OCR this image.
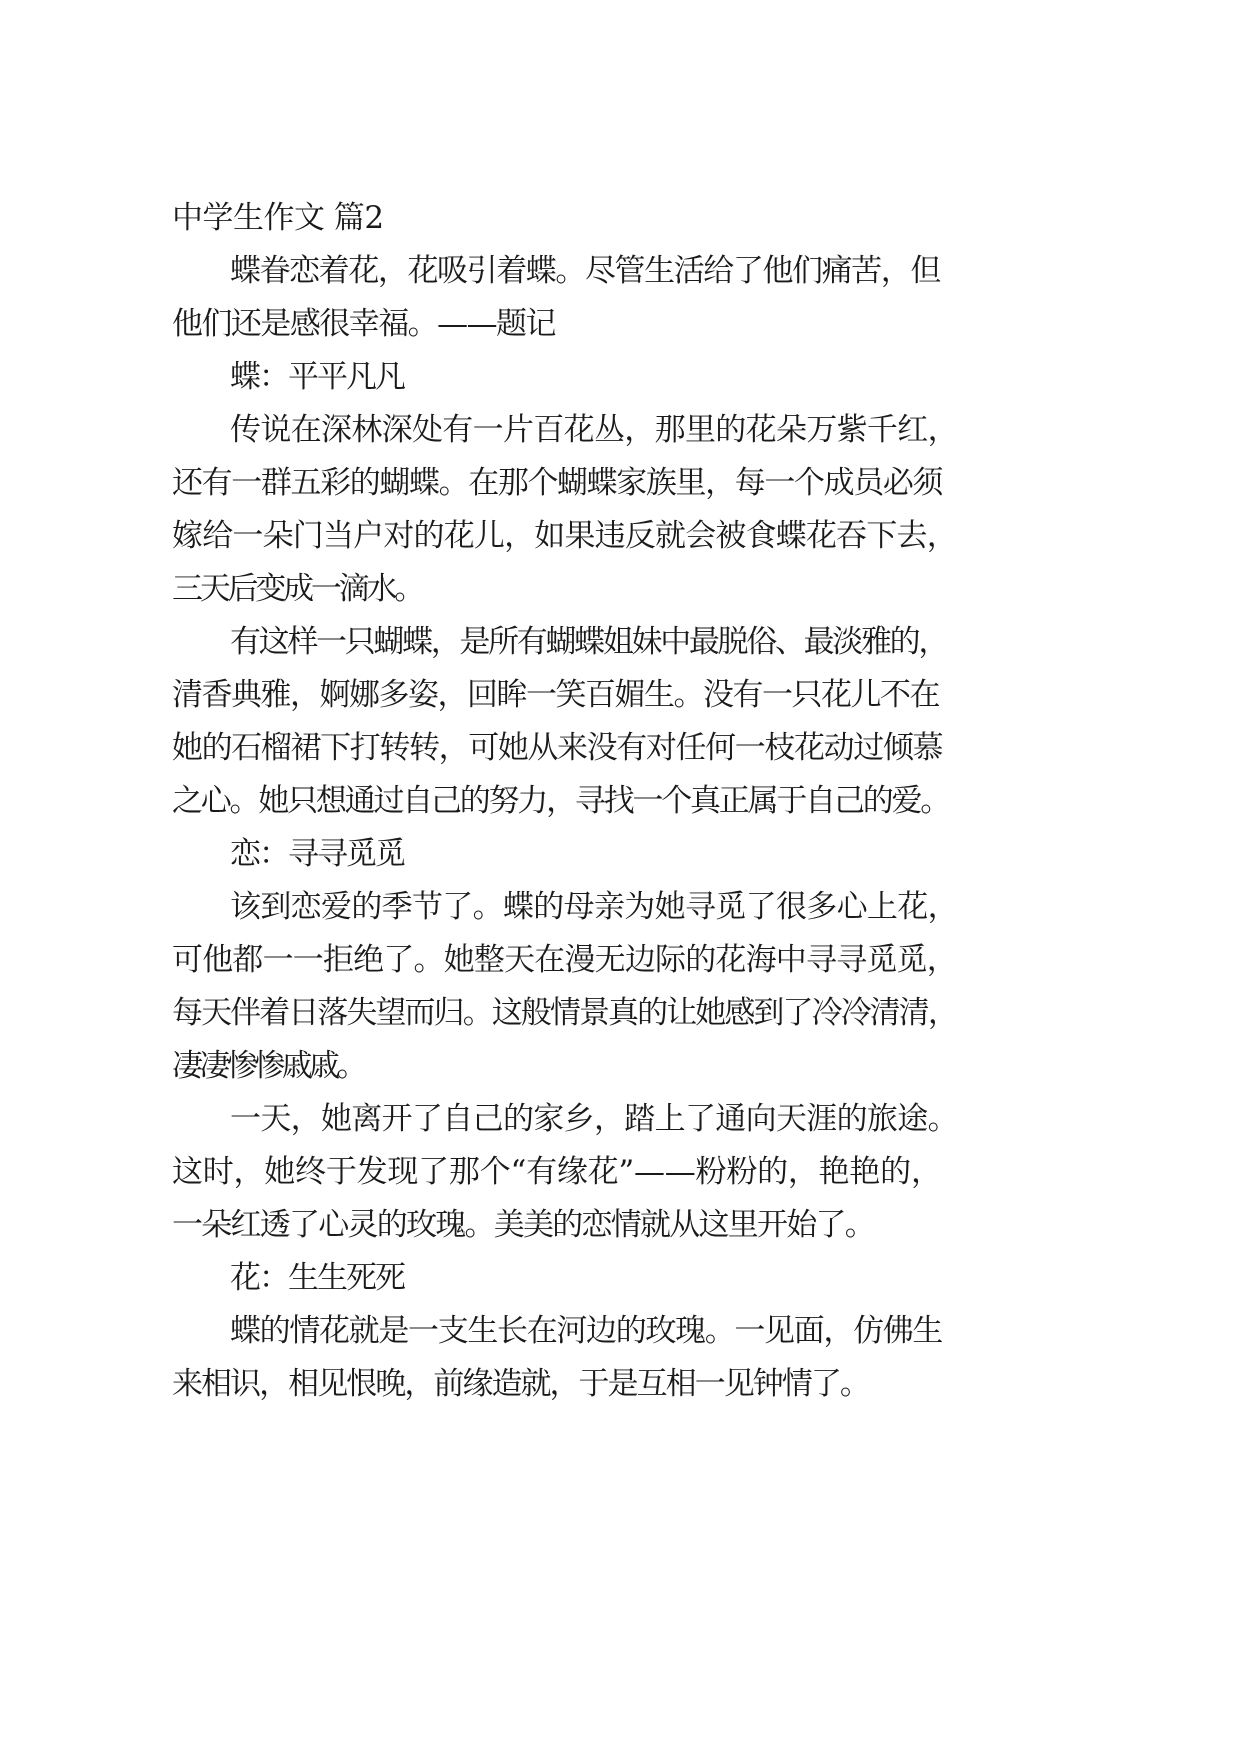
中学生作文 篇2
蝶眷恋着花，花吸引着蝶。尽管生活给了他们痛苦，但
他们还是感很幸福。——题记
蝶：平平凡凡
传说在深林深处有一片百花丛，那里的花朵万紫千红，
还有一群五彩的蝴蝶。在那个蝴蝶家族里，每一个成员必须
嫁给一朵门当户对的花儿，如果违反就会被食蝶花吞下去，
三天后变成一滴水。
有这样一只蝴蝶，是所有蝴蝶姐妹中最脱俗、最淡雅的，
清香典雅，婀娜多姿，回眸一笑百媚生。没有一只花儿不在
她的石榴裙下打转转，可她从来没有对任何一枝花动过倾慕
之心。她只想通过自己的努力，寻找一个真正属于自己的爱。
恋：寻寻觅觅
该到恋爱的季节了。蝶的母亲为她寻觅了很多心上花，
可他都一一拒绝了。她整天在漫无边际的花海中寻寻觅觅，
每天伴着日落失望而归。这般情景真的让她感到了冷冷清清，
凄凄惨惨戚戚。
一天，她离开了自己的家乡，踏上了通向天涯的旅途。
这时，她终于发现了那个“有缘花”——粉粉的，艳艳的，
一朵红透了心灵的玫瑰。美美的恋情就从这里开始了。
花：生生死死
蝶的情花就是一支生长在河边的玫瑰。一见面，仿佛生
来相识，相见恨晚，前缘造就，于是互相一见钟情了。
